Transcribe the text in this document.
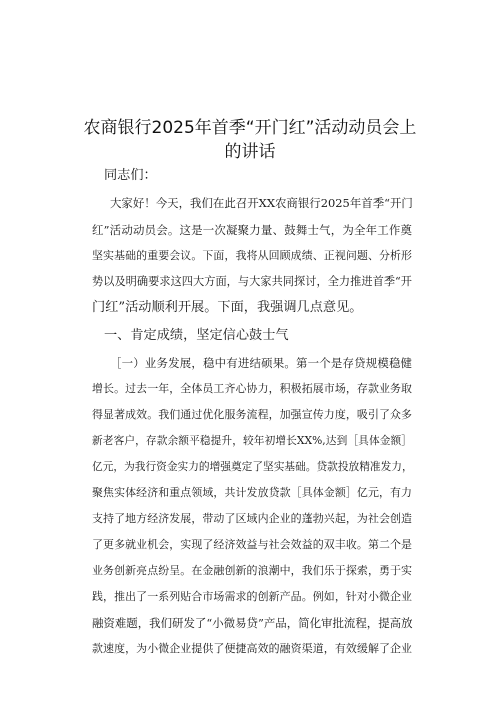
农商银行2025年首季“开门红”活动动员会上
的讲话
同志们：
大家好！今天，我们在此召开XX农商银行2025年首季“开门
红”活动动员会。这是一次凝聚力量、鼓舞士气，为全年工作奠
坚实基础的重要会议。下面，我将从回顾成绩、正视问题、分析形
势以及明确要求这四大方面，与大家共同探讨，全力推进首季“开
门红”活动顺利开展。下面，我强调几点意见。
一、肯定成绩，坚定信心鼓士气
［一）业务发展，稳中有进结硕果。第一个是存贷规模稳健
增长。过去一年，全体员工齐心协力，积极拓展市场，存款业务取
得显著成效。我们通过优化服务流程，加强宣传力度，吸引了众多
新老客户，存款余额平稳提升，较年初增长XX%,达到［具体金额］
亿元，为我行资金实力的增强奠定了坚实基础。贷款投放精准发力，
聚焦实体经济和重点领域，共计发放贷款［具体金额］亿元，有力
支持了地方经济发展，带动了区域内企业的蓬勃兴起，为社会创造
了更多就业机会，实现了经济效益与社会效益的双丰收。第二个是
业务创新亮点纷呈。在金融创新的浪潮中，我们乐于探索，勇于实
践，推出了一系列贴合市场需求的创新产品。例如，针对小微企业
融资难题，我们研发了“小微易贷”产品，简化审批流程，提高放
款速度，为小微企业提供了便捷高效的融资渠道，有效缓解了企业
